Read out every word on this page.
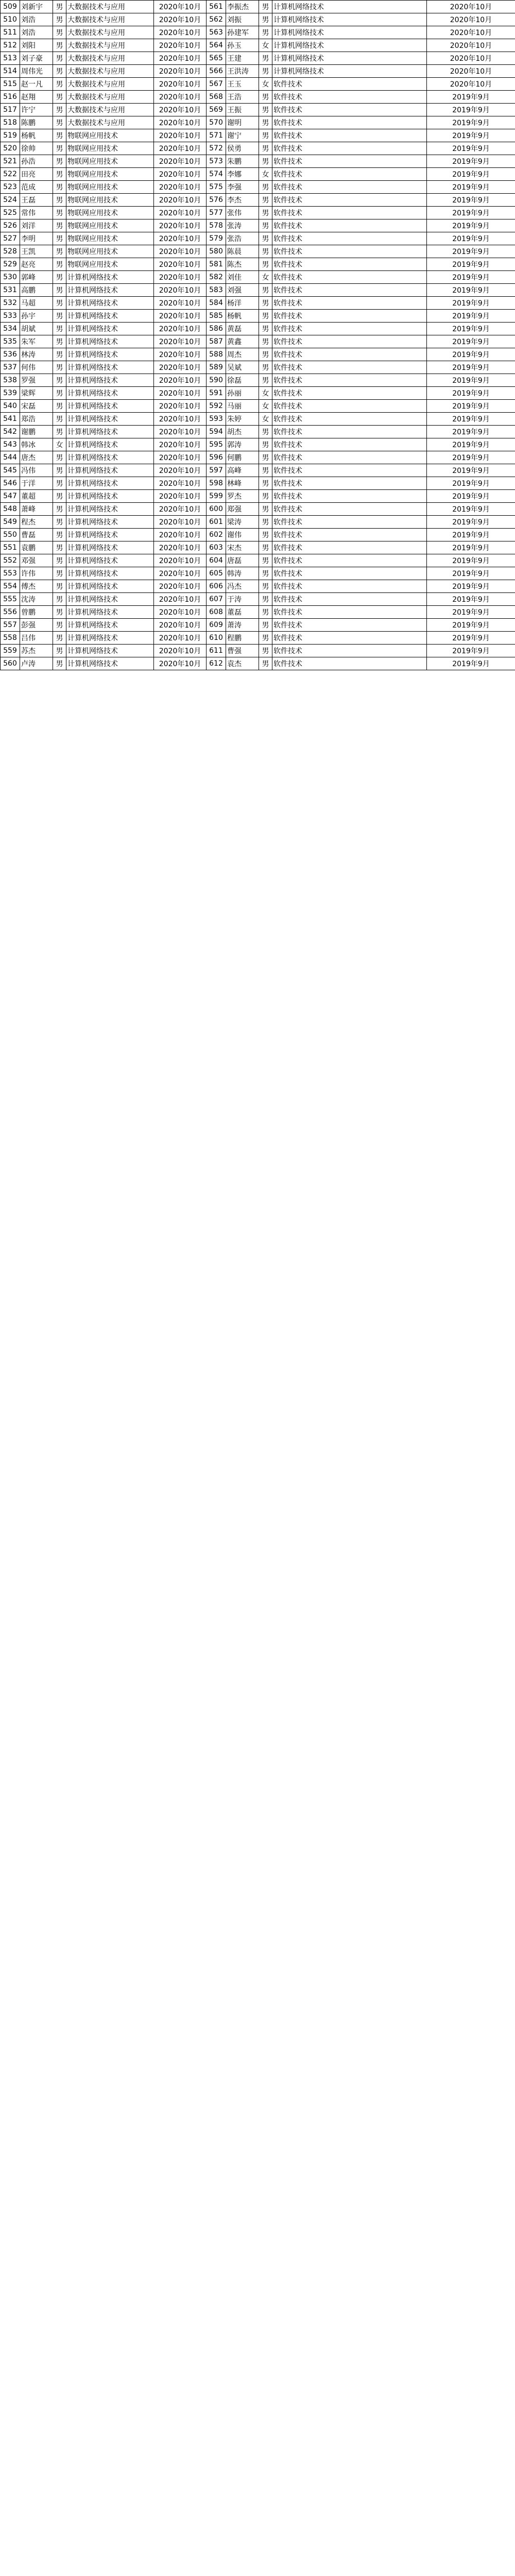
509	刘新宇	男	大数据技术与应用	2020年10月	561	李振杰	男	计算机网络技术	2020年10月
510	刘浩	男	大数据技术与应用	2020年10月	562	刘振	男	计算机网络技术	2020年10月
511	刘浩	男	大数据技术与应用	2020年10月	563	孙建军	男	计算机网络技术	2020年10月
512	刘阳	男	大数据技术与应用	2020年10月	564	孙玉	女	计算机网络技术	2020年10月
513	刘子豪	男	大数据技术与应用	2020年10月	565	王建	男	计算机网络技术	2020年10月
514	周伟光	男	大数据技术与应用	2020年10月	566	王洪涛	男	计算机网络技术	2020年10月
515	赵一凡	男	大数据技术与应用	2020年10月	567	王玉	女	软件技术	2020年10月
516	赵翔	男	大数据技术与应用	2020年10月	568	王浩	男	软件技术	2019年9月
517	许宁	男	大数据技术与应用	2020年10月	569	王振	男	软件技术	2019年9月
518	陈鹏	男	大数据技术与应用	2020年10月	570	谢明	男	软件技术	2019年9月
519	杨帆	男	物联网应用技术	2020年10月	571	谢宁	男	软件技术	2019年9月
520	徐帅	男	物联网应用技术	2020年10月	572	侯勇	男	软件技术	2019年9月
521	孙浩	男	物联网应用技术	2020年10月	573	朱鹏	男	软件技术	2019年9月
522	田亮	男	物联网应用技术	2020年10月	574	李娜	女	软件技术	2019年9月
523	范成	男	物联网应用技术	2020年10月	575	李强	男	软件技术	2019年9月
524	王磊	男	物联网应用技术	2020年10月	576	李杰	男	软件技术	2019年9月
525	常伟	男	物联网应用技术	2020年10月	577	张伟	男	软件技术	2019年9月
526	刘洋	男	物联网应用技术	2020年10月	578	张涛	男	软件技术	2019年9月
527	李明	男	物联网应用技术	2020年10月	579	张浩	男	软件技术	2019年9月
528	王凯	男	物联网应用技术	2020年10月	580	陈晨	男	软件技术	2019年9月
529	赵亮	男	物联网应用技术	2020年10月	581	陈杰	男	软件技术	2019年9月
530	郭峰	男	计算机网络技术	2020年10月	582	刘佳	女	软件技术	2019年9月
531	高鹏	男	计算机网络技术	2020年10月	583	刘强	男	软件技术	2019年9月
532	马超	男	计算机网络技术	2020年10月	584	杨洋	男	软件技术	2019年9月
533	孙宇	男	计算机网络技术	2020年10月	585	杨帆	男	软件技术	2019年9月
534	胡斌	男	计算机网络技术	2020年10月	586	黄磊	男	软件技术	2019年9月
535	朱军	男	计算机网络技术	2020年10月	587	黄鑫	男	软件技术	2019年9月
536	林涛	男	计算机网络技术	2020年10月	588	周杰	男	软件技术	2019年9月
537	何伟	男	计算机网络技术	2020年10月	589	吴斌	男	软件技术	2019年9月
538	罗强	男	计算机网络技术	2020年10月	590	徐磊	男	软件技术	2019年9月
539	梁辉	男	计算机网络技术	2020年10月	591	孙丽	女	软件技术	2019年9月
540	宋磊	男	计算机网络技术	2020年10月	592	马丽	女	软件技术	2019年9月
541	郑浩	男	计算机网络技术	2020年10月	593	朱婷	女	软件技术	2019年9月
542	谢鹏	男	计算机网络技术	2020年10月	594	胡杰	男	软件技术	2019年9月
543	韩冰	女	计算机网络技术	2020年10月	595	郭涛	男	软件技术	2019年9月
544	唐杰	男	计算机网络技术	2020年10月	596	何鹏	男	软件技术	2019年9月
545	冯伟	男	计算机网络技术	2020年10月	597	高峰	男	软件技术	2019年9月
546	于洋	男	计算机网络技术	2020年10月	598	林峰	男	软件技术	2019年9月
547	董超	男	计算机网络技术	2020年10月	599	罗杰	男	软件技术	2019年9月
548	萧峰	男	计算机网络技术	2020年10月	600	郑强	男	软件技术	2019年9月
549	程杰	男	计算机网络技术	2020年10月	601	梁涛	男	软件技术	2019年9月
550	曹磊	男	计算机网络技术	2020年10月	602	谢伟	男	软件技术	2019年9月
551	袁鹏	男	计算机网络技术	2020年10月	603	宋杰	男	软件技术	2019年9月
552	邓强	男	计算机网络技术	2020年10月	604	唐磊	男	软件技术	2019年9月
553	许伟	男	计算机网络技术	2020年10月	605	韩涛	男	软件技术	2019年9月
554	傅杰	男	计算机网络技术	2020年10月	606	冯杰	男	软件技术	2019年9月
555	沈涛	男	计算机网络技术	2020年10月	607	于涛	男	软件技术	2019年9月
556	曾鹏	男	计算机网络技术	2020年10月	608	董磊	男	软件技术	2019年9月
557	彭强	男	计算机网络技术	2020年10月	609	萧涛	男	软件技术	2019年9月
558	吕伟	男	计算机网络技术	2020年10月	610	程鹏	男	软件技术	2019年9月
559	苏杰	男	计算机网络技术	2020年10月	611	曹强	男	软件技术	2019年9月
560	卢涛	男	计算机网络技术	2020年10月	612	袁杰	男	软件技术	2019年9月
